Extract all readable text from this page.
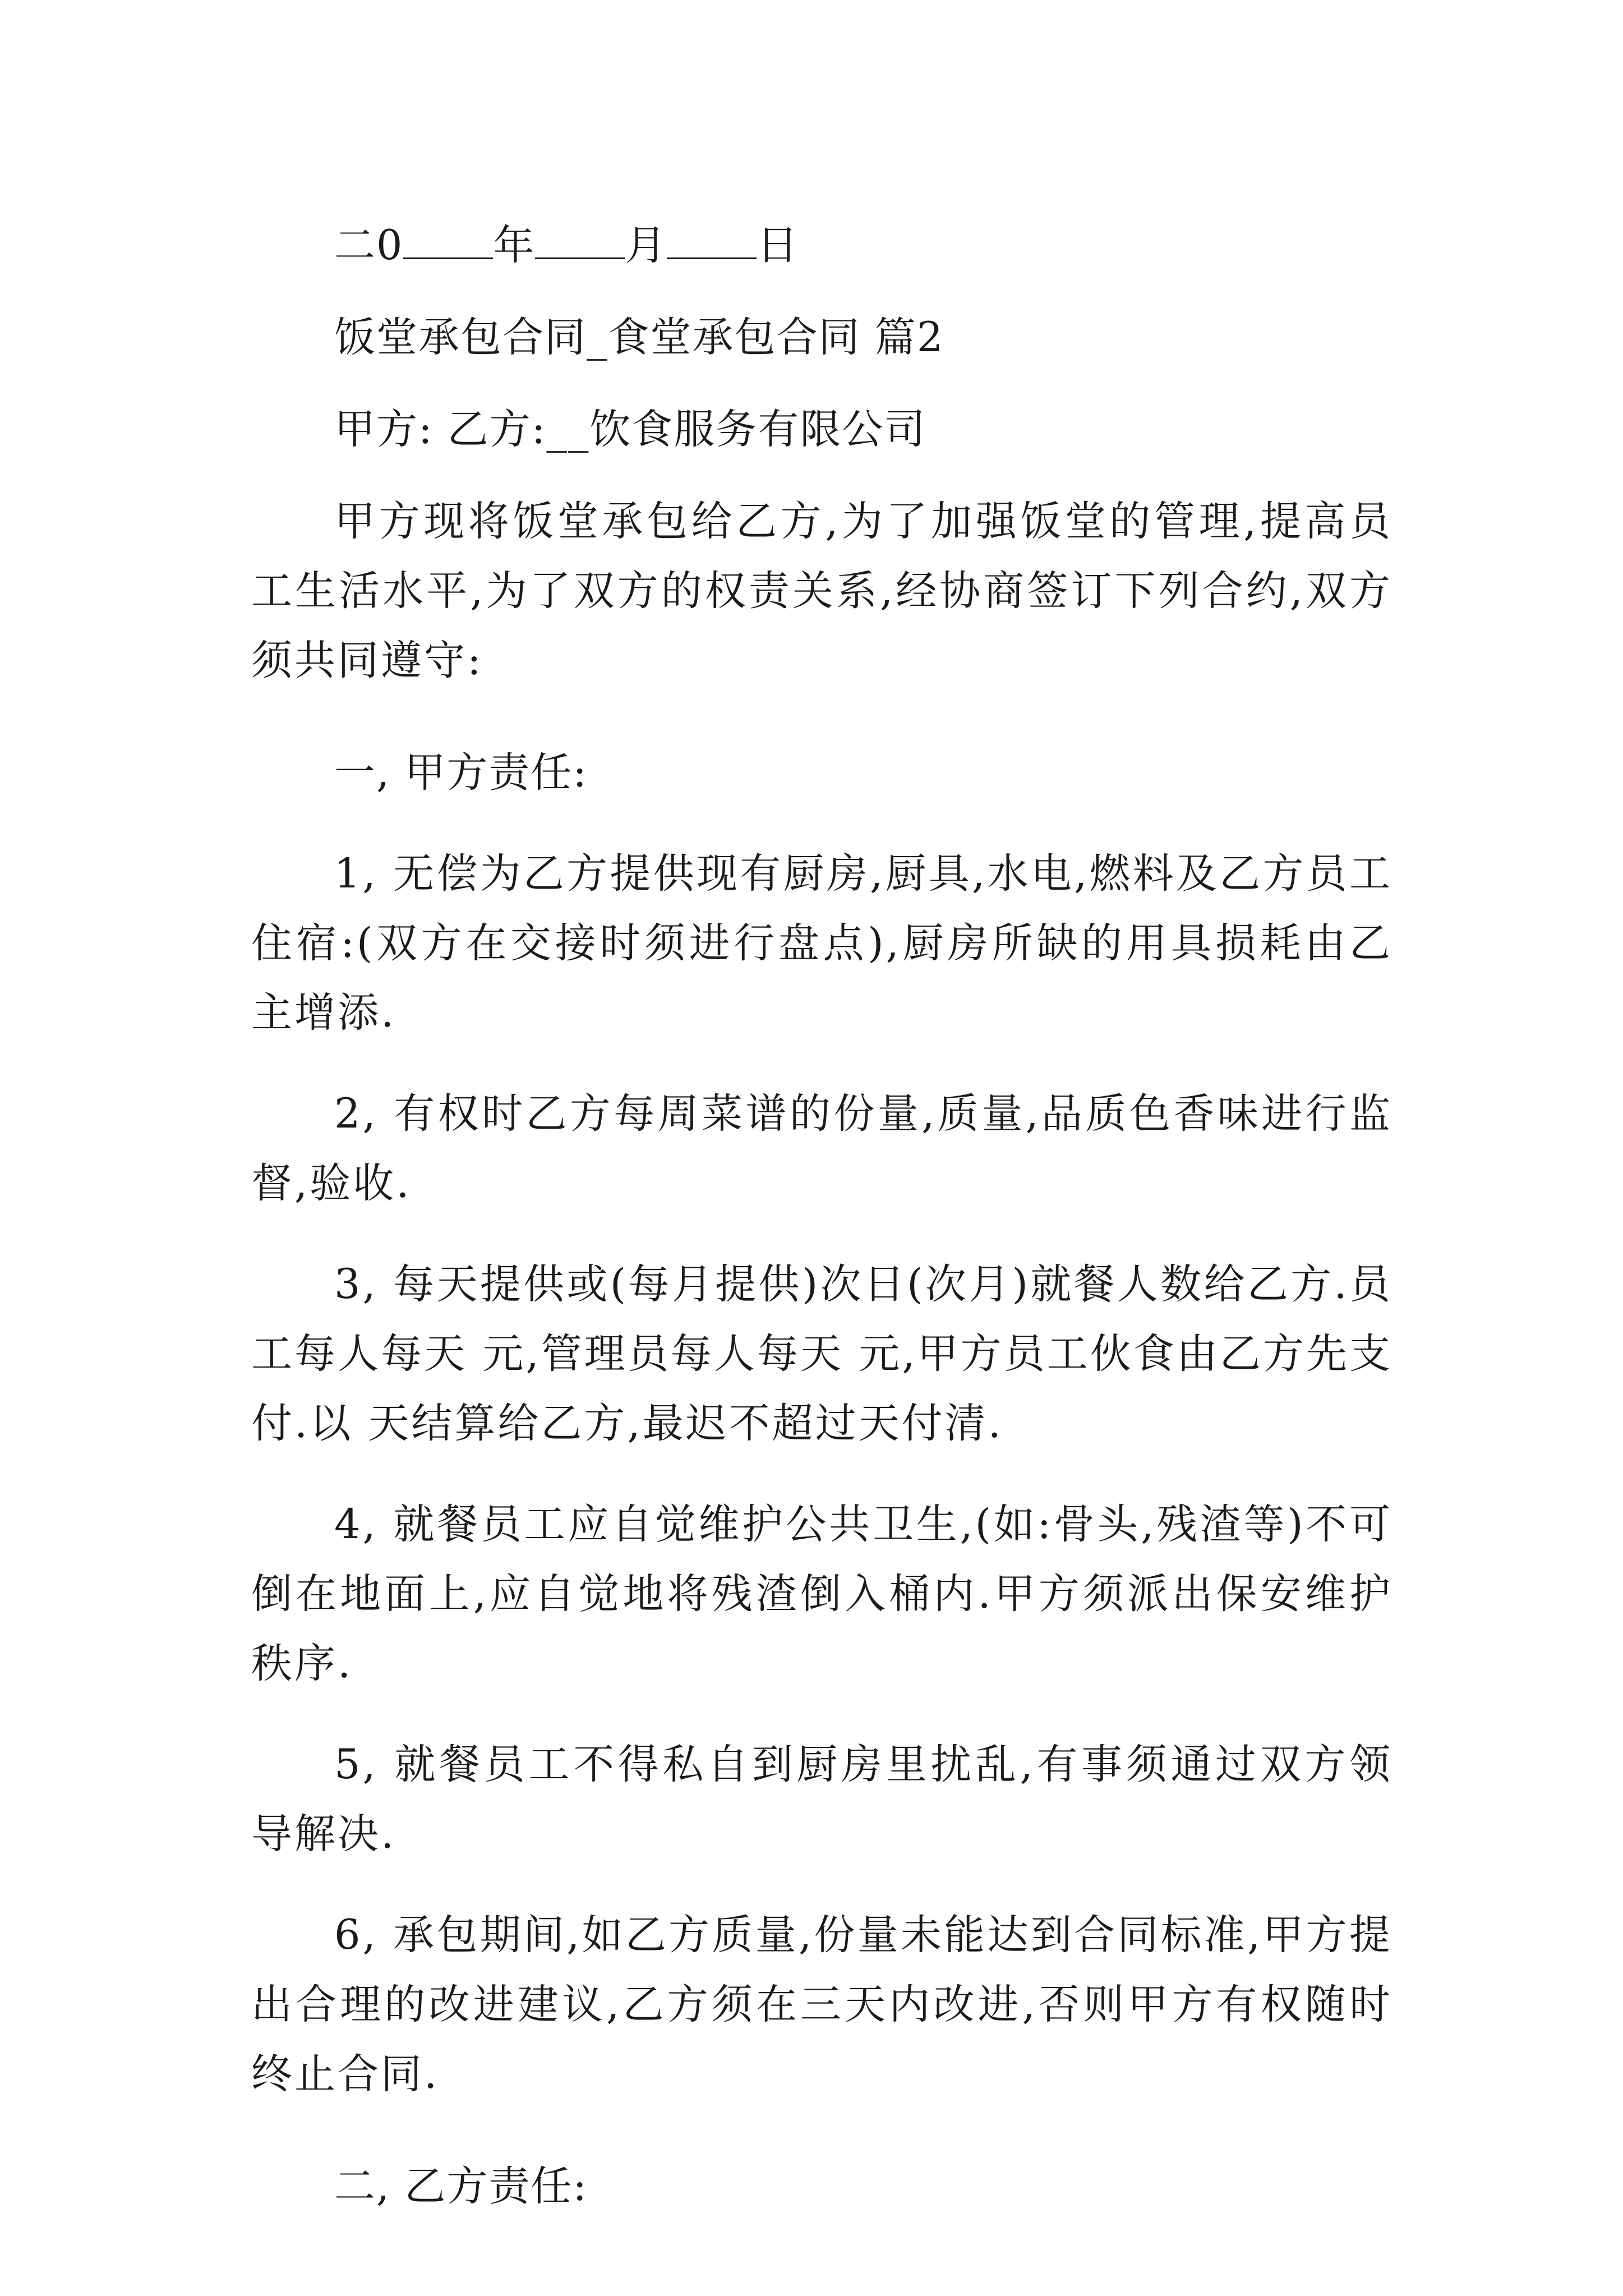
二0 年 月 日
饭堂承包合同_食堂承包合同 篇2
甲方: 乙方:__饮食服务有限公司

甲方现将饭堂承包给乙方,为了加强饭堂的管理,提高员工生活水平,为了双方的权责关系,经协商签订下列合约,双方须共同遵守:

一, 甲方责任:

1, 无偿为乙方提供现有厨房,厨具,水电,燃料及乙方员工住宿:(双方在交接时须进行盘点),厨房所缺的用具损耗由乙主增添.

2, 有权时乙方每周菜谱的份量,质量,品质色香味进行监督,验收.

3, 每天提供或(每月提供)次日(次月)就餐人数给乙方.员工每人每天 元,管理员每人每天 元,甲方员工伙食由乙方先支付.以 天结算给乙方,最迟不超过天付清.

4, 就餐员工应自觉维护公共卫生,(如:骨头,残渣等)不可倒在地面上,应自觉地将残渣倒入桶内.甲方须派出保安维护秩序.

5, 就餐员工不得私自到厨房里扰乱,有事须通过双方领导解决.

6, 承包期间,如乙方质量,份量未能达到合同标准,甲方提出合理的改进建议,乙方须在三天内改进,否则甲方有权随时终止合同.

二, 乙方责任:
